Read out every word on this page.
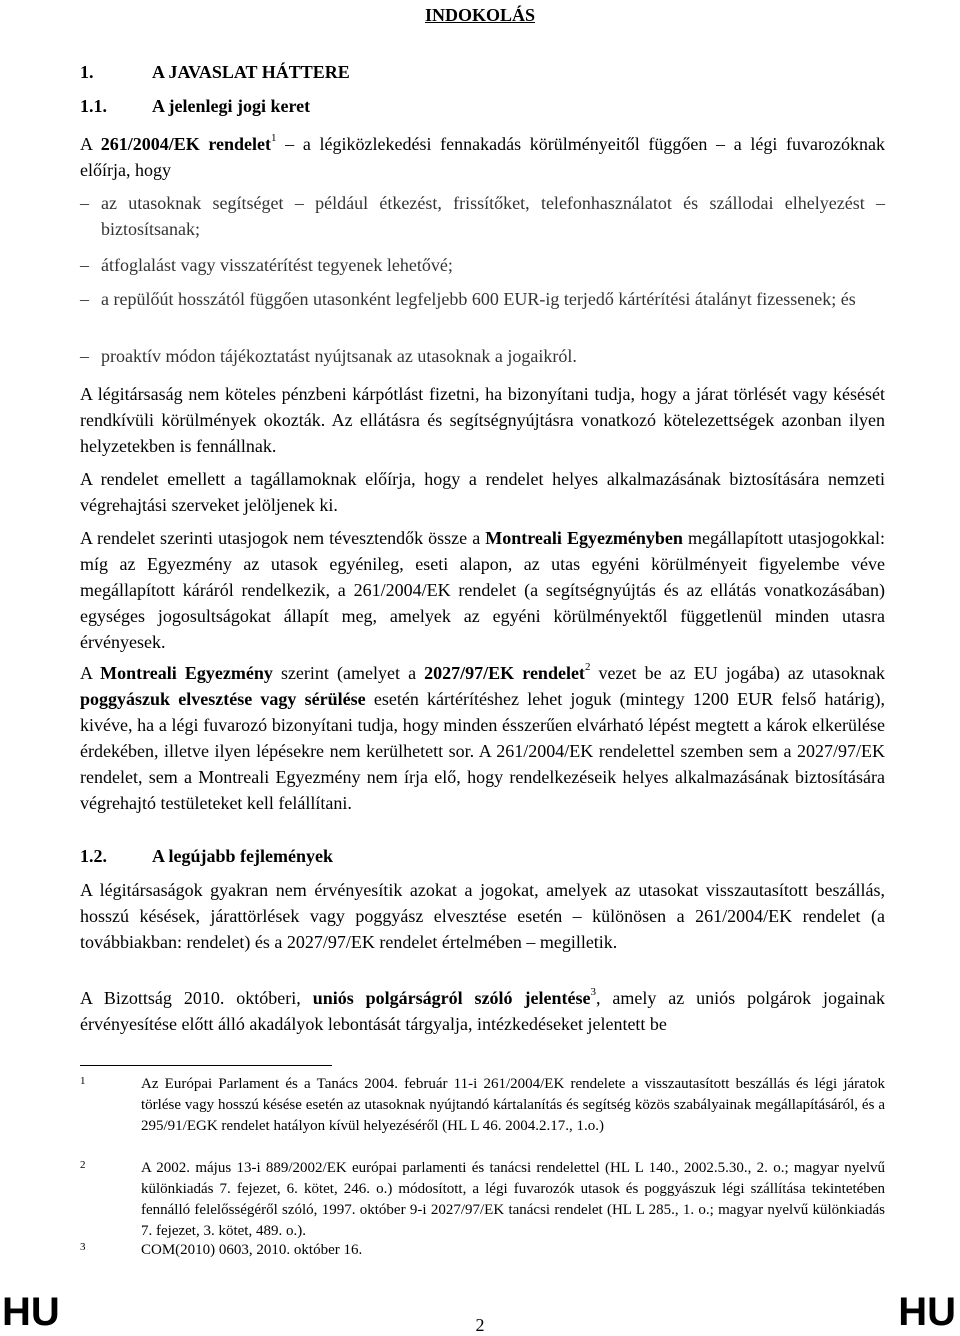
INDOKOLÁS
1.	A JAVASLAT HÁTTERE
1.1.	A jelenlegi jogi keret

A 261/2004/EK rendelet$^1$ – a légiközlekedési fennakadás körülményeitől függően – a légi fuvarozóknak előírja, hogy

– az utasoknak segítséget – például étkezést, frissítőket, telefonhasználatot és szállodai elhelyezést – biztosítsanak;
– átfoglalást vagy visszatérítést tegyenek lehetővé;
– a repülőút hosszától függően utasonként legfeljebb 600 EUR-ig terjedő kártérítési átalányt fizessenek; és
– proaktív módon tájékoztatást nyújtsanak az utasoknak a jogaikról.

A légitársaság nem köteles pénzbeni kárpótlást fizetni, ha bizonyítani tudja, hogy a járat törlését vagy késését rendkívüli körülmények okozták. Az ellátásra és segítségnyújtásra vonatkozó kötelezettségek azonban ilyen helyzetekben is fennállnak.

A rendelet emellett a tagállamoknak előírja, hogy a rendelet helyes alkalmazásának biztosítására nemzeti végrehajtási szerveket jelöljenek ki.

A rendelet szerinti utasjogok nem tévesztendők össze a Montreali Egyezményben megállapított utasjogokkal: míg az Egyezmény az utasok egyénileg, eseti alapon, az utas egyéni körülményeit figyelembe véve megállapított káráról rendelkezik, a 261/2004/EK rendelet (a segítségnyújtás és az ellátás vonatkozásában) egységes jogosultságokat állapít meg, amelyek az egyéni körülményektől függetlenül minden utasra érvényesek.

A Montreali Egyezmény szerint (amelyet a 2027/97/EK rendelet$^2$ vezet be az EU jogába) az utasoknak poggyászuk elvesztése vagy sérülése esetén kártérítéshez lehet joguk (mintegy 1200 EUR felső határig), kivéve, ha a légi fuvarozó bizonyítani tudja, hogy minden ésszerűen elvárható lépést megtett a károk elkerülése érdekében, illetve ilyen lépésekre nem kerülhetett sor. A 261/2004/EK rendelettel szemben sem a 2027/97/EK rendelet, sem a Montreali Egyezmény nem írja elő, hogy rendelkezéseik helyes alkalmazásának biztosítására végrehajtó testületeket kell felállítani.

1.2.	A legújabb fejlemények

A légitársaságok gyakran nem érvényesítik azokat a jogokat, amelyek az utasokat visszautasított beszállás, hosszú késések, járattörlések vagy poggyász elvesztése esetén – különösen a 261/2004/EK rendelet (a továbbiakban: rendelet) és a 2027/97/EK rendelet értelmében – megilletik.

A Bizottság 2010. októberi, uniós polgárságról szóló jelentése$^3$, amely az uniós polgárok jogainak érvényesítése előtt álló akadályok lebontását tárgyalja, intézkedéseket jelentett be

1	Az Európai Parlament és a Tanács 2004. február 11-i 261/2004/EK rendelete a visszautasított beszállás és légi járatok törlése vagy hosszú késése esetén az utasoknak nyújtandó kártalanítás és segítség közös szabályainak megállapításáról, és a 295/91/EGK rendelet hatályon kívül helyezéséről (HL L 46. 2004.2.17., 1.o.)
2	A 2002. május 13-i 889/2002/EK európai parlamenti és tanácsi rendelettel (HL L 140., 2002.5.30., 2. o.; magyar nyelvű különkiadás 7. fejezet, 6. kötet, 246. o.) módosított, a légi fuvarozók utasok és poggyászuk légi szállítása tekintetében fennálló felelősségéről szóló, 1997. október 9-i 2027/97/EK tanácsi rendelet (HL L 285., 1. o.; magyar nyelvű különkiadás 7. fejezet, 3. kötet, 489. o.).
3	COM(2010) 0603, 2010. október 16.
HU	2	HU
